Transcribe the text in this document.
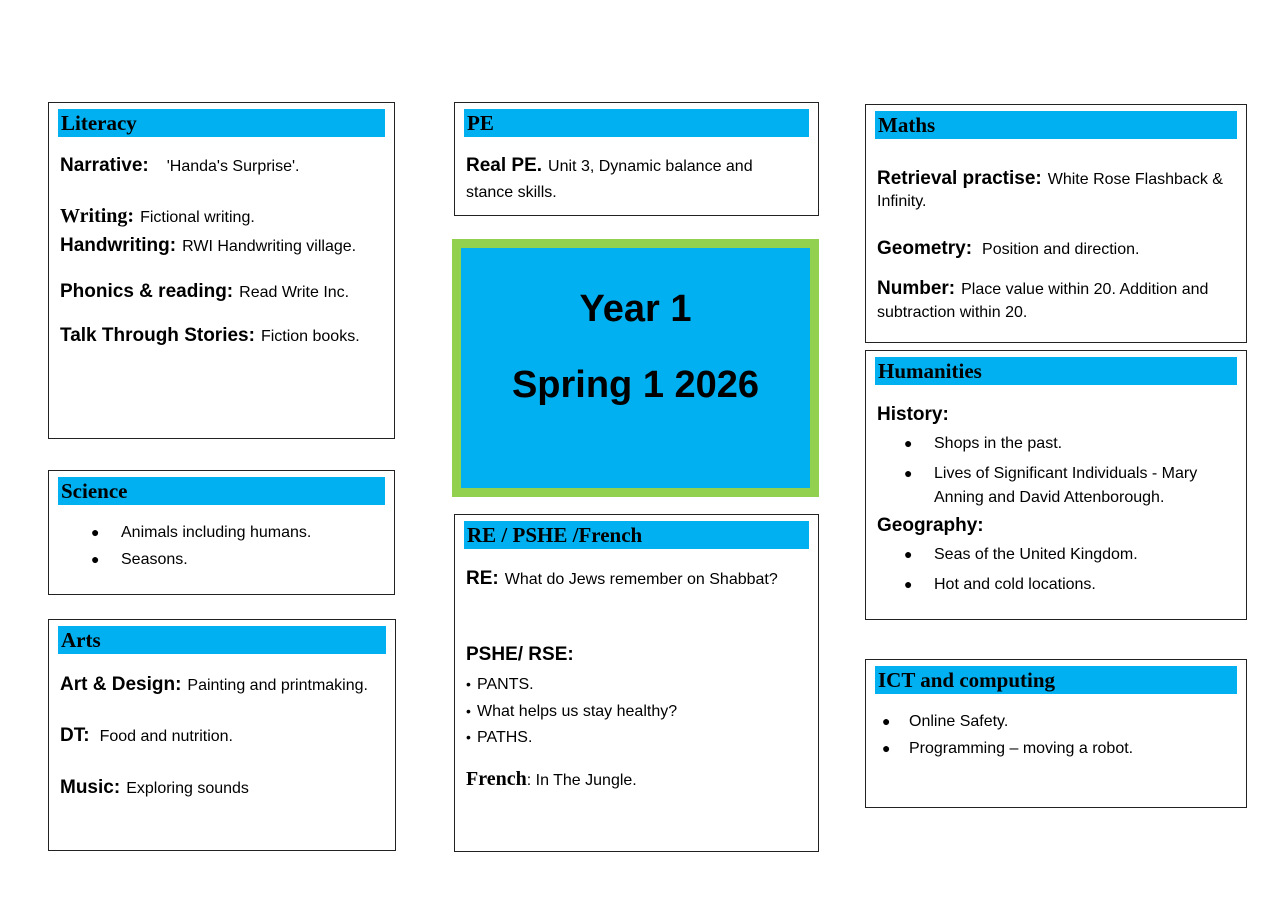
Literacy
Narrative: 'Handa's Surprise'.
Writing: Fictional writing.
Handwriting: RWI Handwriting village.
Phonics & reading: Read Write Inc.
Talk Through Stories: Fiction books.
Science
● Animals including humans.
● Seasons.
Arts
Art & Design: Painting and printmaking.
DT: Food and nutrition.
Music: Exploring sounds
PE
Real PE. Unit 3, Dynamic balance and
stance skills.
Year 1
Spring 1 2026
RE / PSHE /French
RE: What do Jews remember on Shabbat?
PSHE/ RSE:
• PANTS.
• What helps us stay healthy?
• PATHS.
French: In The Jungle.
Maths
Retrieval practise: White Rose Flashback &
Infinity.
Geometry: Position and direction.
Number: Place value within 20. Addition and
subtraction within 20.
Humanities
History:
● Shops in the past.
● Lives of Significant Individuals - Mary
Anning and David Attenborough.
Geography:
● Seas of the United Kingdom.
● Hot and cold locations.
ICT and computing
● Online Safety.
● Programming – moving a robot.
